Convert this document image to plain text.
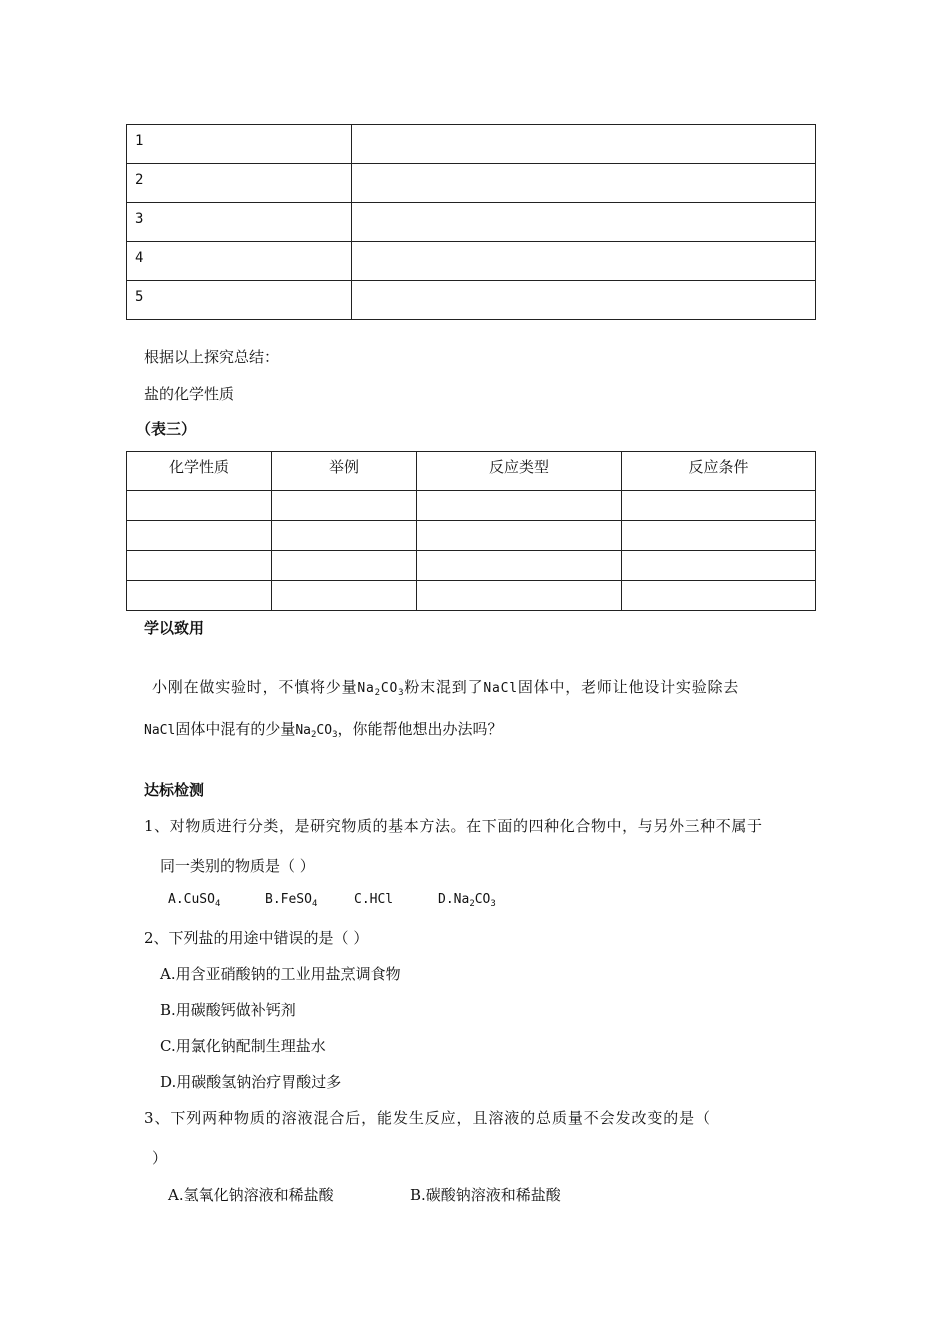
1	
2	
3	
4	
5	
根据以上探究总结：
盐的化学性质
（表三）
化学性质	举例	反应类型	反应条件

学以致用
小刚在做实验时，不慎将少量$Na_2CO_3$粉末混到了NaCl固体中，老师让他设计实验除去
NaCl固体中混有的少量$Na_2CO_3$，你能帮他想出办法吗？
达标检测
1、对物质进行分类，是研究物质的基本方法。在下面的四种化合物中，与另外三种不属于
同一类别的物质是（ ）
A.CuSO$_4$	B.FeSO$_4$	C.HCl	$D.Na_2CO_3$
2、下列盐的用途中错误的是（ ）
A.用含亚硝酸钠的工业用盐烹调食物
B.用碳酸钙做补钙剂
C.用氯化钠配制生理盐水
D.用碳酸氢钠治疗胃酸过多
3、下列两种物质的溶液混合后，能发生反应，且溶液的总质量不会发改变的是（
）
A.氢氧化钠溶液和稀盐酸	B.碳酸钠溶液和稀盐酸
